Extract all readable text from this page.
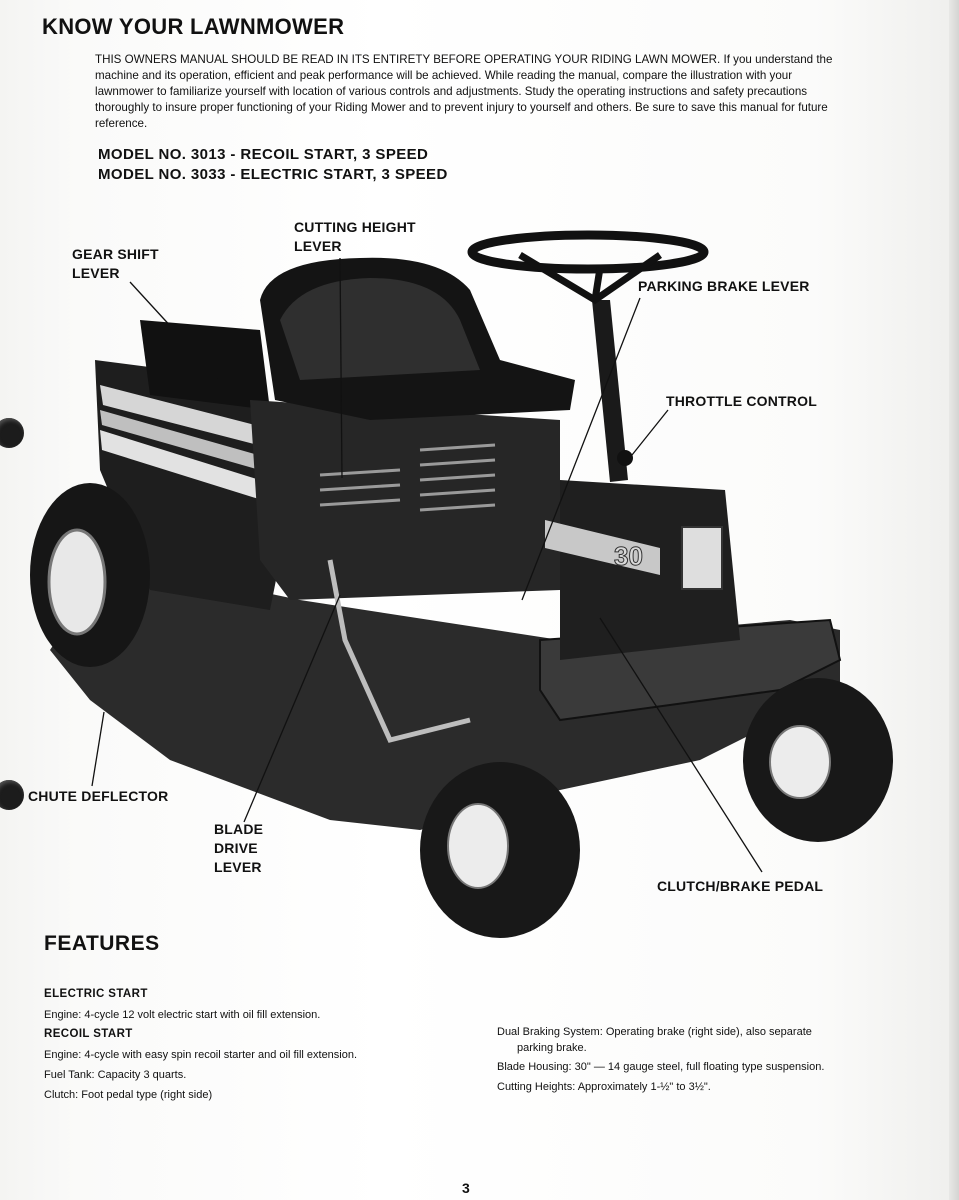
KNOW YOUR LAWNMOWER

THIS OWNERS MANUAL SHOULD BE READ IN ITS ENTIRETY BEFORE OPERATING YOUR RIDING LAWN MOWER. If you understand the machine and its operation, efficient and peak performance will be achieved. While reading the manual, compare the illustration with your lawnmower to familiarize yourself with location of various controls and adjustments. Study the operating instructions and safety precautions thoroughly to insure proper functioning of your Riding Mower and to prevent injury to yourself and others. Be sure to save this manual for future reference.

MODEL NO. 3013 - RECOIL START, 3 SPEED

MODEL NO. 3033 - ELECTRIC START, 3 SPEED

30
CUTTING HEIGHT
LEVER
GEAR SHIFT
LEVER
PARKING BRAKE LEVER
THROTTLE CONTROL
CHUTE DEFLECTOR
BLADE
DRIVE
LEVER
CLUTCH/BRAKE PEDAL
FEATURES

ELECTRIC START

Engine: 4-cycle 12 volt electric start with oil fill extension.

RECOIL START

Engine: 4-cycle with easy spin recoil starter and oil fill extension.

Fuel Tank: Capacity 3 quarts.

Clutch: Foot pedal type (right side)

Dual Braking System: Operating brake (right side), also separate

parking brake.

Blade Housing: 30" — 14 gauge steel, full floating type suspension.

Cutting Heights: Approximately 1-½" to 3½".

3
